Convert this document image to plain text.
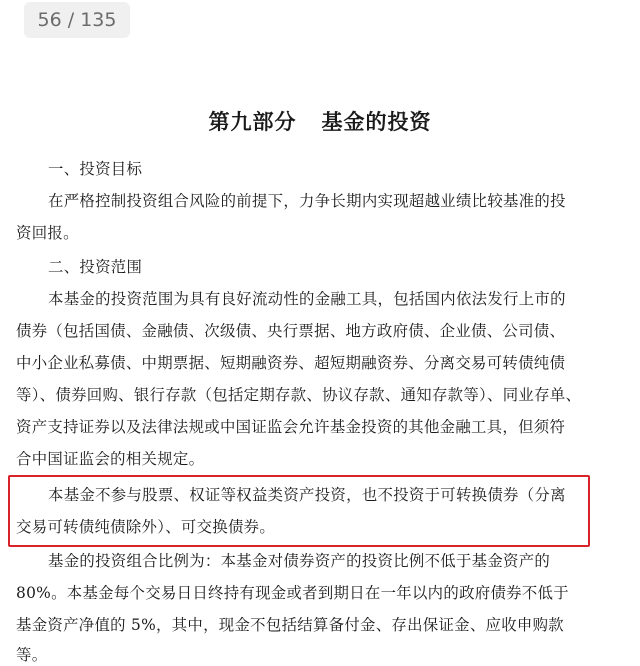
56 / 135
第九部分   基金的投资
一、投资目标
在严格控制投资组合风险的前提下，力争长期内实现超越业绩比较基准的投
资回报。
二、投资范围
本基金的投资范围为具有良好流动性的金融工具，包括国内依法发行上市的
债券（包括国债、金融债、次级债、央行票据、地方政府债、企业债、公司债、
中小企业私募债、中期票据、短期融资券、超短期融资券、分离交易可转债纯债
等）、债券回购、银行存款（包括定期存款、协议存款、通知存款等）、同业存单、
资产支持证券以及法律法规或中国证监会允许基金投资的其他金融工具，但须符
合中国证监会的相关规定。
本基金不参与股票、权证等权益类资产投资，也不投资于可转换债券（分离
交易可转债纯债除外）、可交换债券。
基金的投资组合比例为：本基金对债券资产的投资比例不低于基金资产的
80%。本基金每个交易日日终持有现金或者到期日在一年以内的政府债券不低于
基金资产净值的 5%，其中，现金不包括结算备付金、存出保证金、应收申购款
等。
